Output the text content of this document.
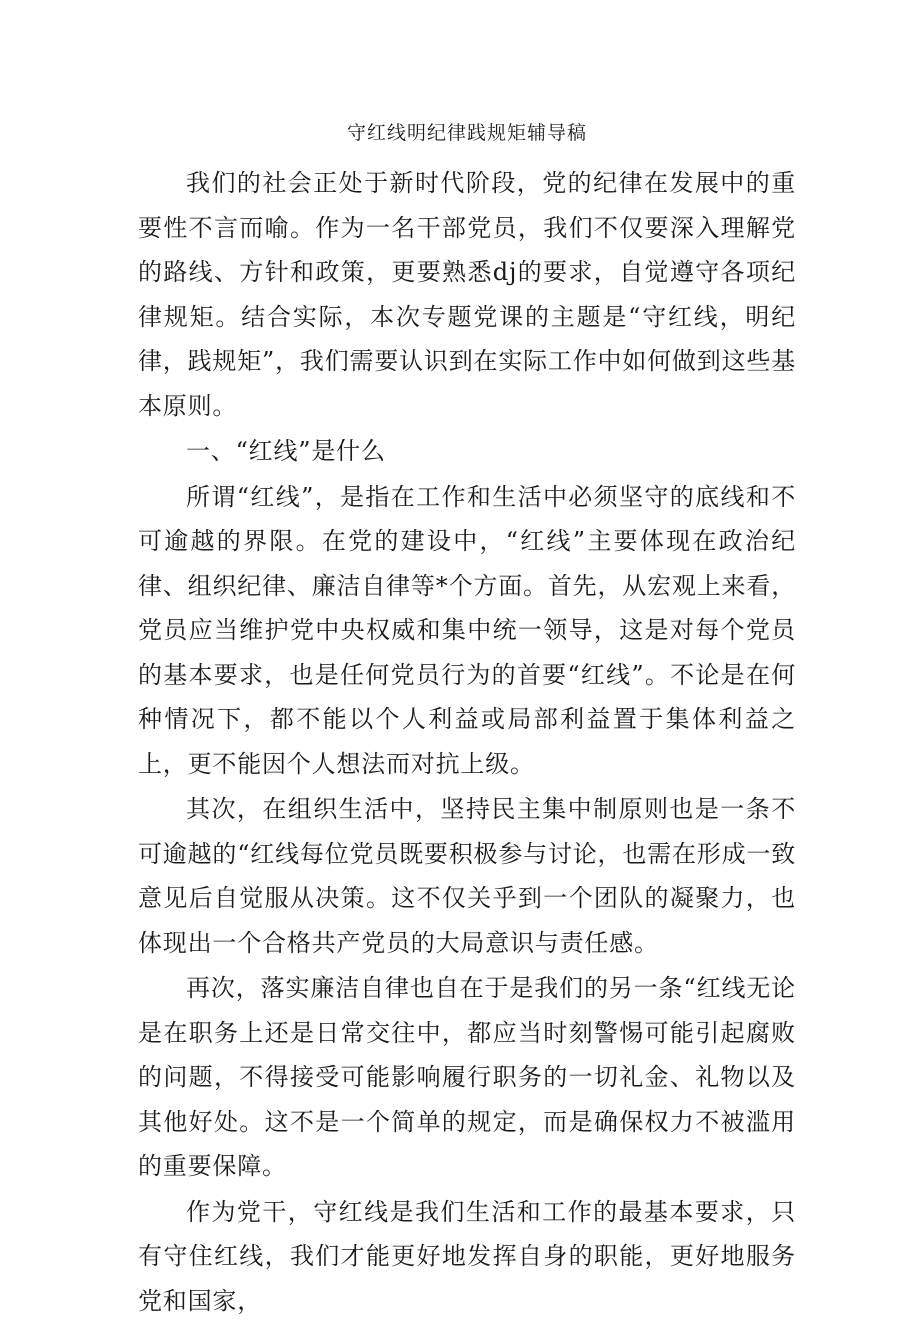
守红线明纪律践规矩辅导稿

我们的社会正处于新时代阶段，党的纪律在发展中的重要性不言而喻。作为一名干部党员，我们不仅要深入理解党的路线、方针和政策，更要熟悉dj的要求，自觉遵守各项纪律规矩。结合实际，本次专题党课的主题是“守红线，明纪律，践规矩”，我们需要认识到在实际工作中如何做到这些基本原则。

一、“红线”是什么

所谓“红线”，是指在工作和生活中必须坚守的底线和不可逾越的界限。在党的建设中，“红线”主要体现在政治纪律、组织纪律、廉洁自律等*个方面。首先，从宏观上来看，党员应当维护党中央权威和集中统一领导，这是对每个党员的基本要求，也是任何党员行为的首要“红线”。不论是在何种情况下，都不能以个人利益或局部利益置于集体利益之上，更不能因个人想法而对抗上级。

其次，在组织生活中，坚持民主集中制原则也是一条不可逾越的“红线每位党员既要积极参与讨论，也需在形成一致意见后自觉服从决策。这不仅关乎到一个团队的凝聚力，也体现出一个合格共产党员的大局意识与责任感。

再次，落实廉洁自律也自在于是我们的另一条“红线无论是在职务上还是日常交往中，都应当时刻警惕可能引起腐败的问题，不得接受可能影响履行职务的一切礼金、礼物以及其他好处。这不是一个简单的规定，而是确保权力不被滥用的重要保障。

作为党干，守红线是我们生活和工作的最基本要求，只有守住红线，我们才能更好地发挥自身的职能，更好地服务党和国家，
